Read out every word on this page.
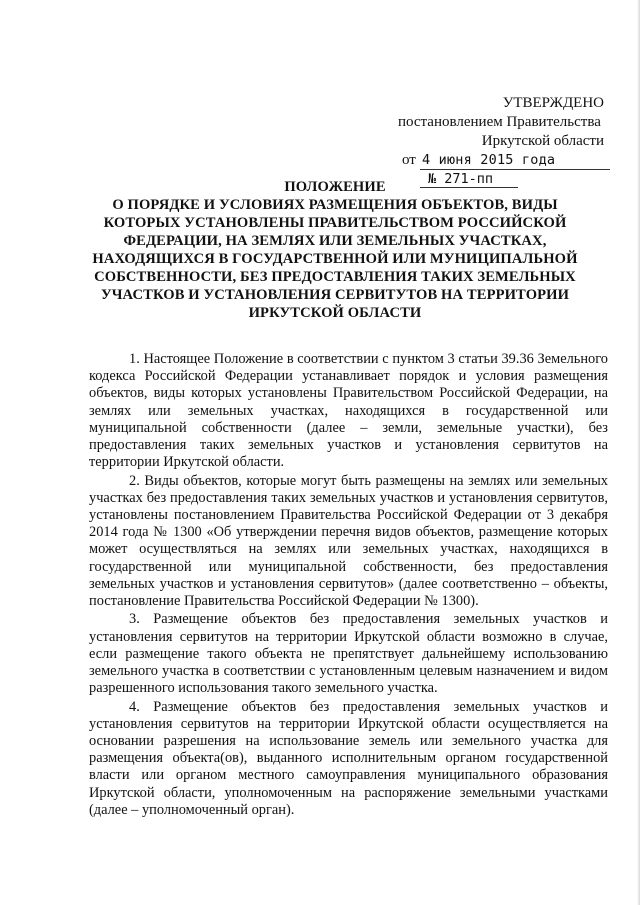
УТВЕРЖДЕНО
постановлением Правительства
Иркутской области
от 4 июня 2015 года
№ 271-пп
ПОЛОЖЕНИЕ
О ПОРЯДКЕ И УСЛОВИЯХ РАЗМЕЩЕНИЯ ОБЪЕКТОВ, ВИДЫ
КОТОРЫХ УСТАНОВЛЕНЫ ПРАВИТЕЛЬСТВОМ РОССИЙСКОЙ
ФЕДЕРАЦИИ, НА ЗЕМЛЯХ ИЛИ ЗЕМЕЛЬНЫХ УЧАСТКАХ,
НАХОДЯЩИХСЯ В ГОСУДАРСТВЕННОЙ ИЛИ МУНИЦИПАЛЬНОЙ
СОБСТВЕННОСТИ, БЕЗ ПРЕДОСТАВЛЕНИЯ ТАКИХ ЗЕМЕЛЬНЫХ
УЧАСТКОВ И УСТАНОВЛЕНИЯ СЕРВИТУТОВ НА ТЕРРИТОРИИ
ИРКУТСКОЙ ОБЛАСТИ

1. Настоящее Положение в соответствии с пунктом 3 статьи 39.36 Земельного кодекса Российской Федерации устанавливает порядок и условия размещения объектов, виды которых установлены Правительством Российской Федерации, на землях или земельных участках, находящихся в государственной или муниципальной собственности (далее – земли, земельные участки), без предоставления таких земельных участков и установления сервитутов на территории Иркутской области.

2. Виды объектов, которые могут быть размещены на землях или земельных участках без предоставления таких земельных участков и установления сервитутов, установлены постановлением Правительства Российской Федерации от 3 декабря 2014 года № 1300 «Об утверждении перечня видов объектов, размещение которых может осуществляться на землях или земельных участках, находящихся в государственной или муниципальной собственности, без предоставления земельных участков и установления сервитутов» (далее соответственно – объекты, постановление Правительства Российской Федерации № 1300).

3. Размещение объектов без предоставления земельных участков и установления сервитутов на территории Иркутской области возможно в случае, если размещение такого объекта не препятствует дальнейшему использованию земельного участка в соответствии с установленным целевым назначением и видом разрешенного использования такого земельного участка.

4. Размещение объектов без предоставления земельных участков и установления сервитутов на территории Иркутской области осуществляется на основании разрешения на использование земель или земельного участка для размещения объекта(ов), выданного исполнительным органом государственной власти или органом местного самоуправления муниципального образования Иркутской области, уполномоченным на распоряжение земельными участками (далее – уполномоченный орган).
